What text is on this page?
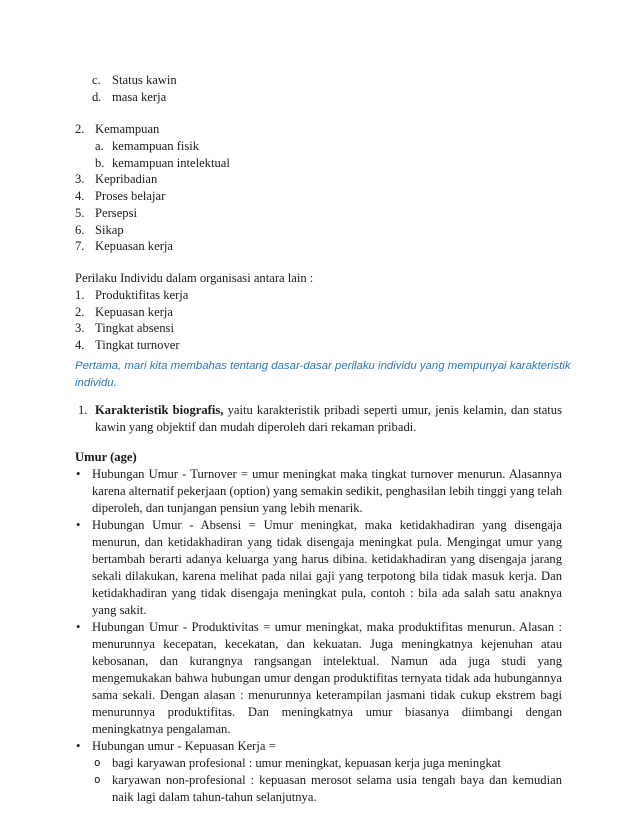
c. Status kawin
d. masa kerja
2. Kemampuan
a. kemampuan fisik
b. kemampuan intelektual
3. Kepribadian
4. Proses belajar
5. Persepsi
6. Sikap
7. Kepuasan kerja
Perilaku Individu dalam organisasi antara lain :
1. Produktifitas kerja
2. Kepuasan kerja
3. Tingkat absensi
4. Tingkat turnover
Pertama, mari kita membahas tentang dasar-dasar perilaku individu yang mempunyai karakteristik
individu.
1. Karakteristik biografis, yaitu karakteristik pribadi seperti umur, jenis kelamin, dan status
kawin yang objektif dan mudah diperoleh dari rekaman pribadi.
Umur (age)
• Hubungan Umur - Turnover = umur meningkat maka tingkat turnover menurun. Alasannya
karena alternatif pekerjaan (option) yang semakin sedikit, penghasilan lebih tinggi yang telah
diperoleh, dan tunjangan pensiun yang lebih menarik.
• Hubungan Umur - Absensi = Umur meningkat, maka ketidakhadiran yang disengaja
menurun, dan ketidakhadiran yang tidak disengaja meningkat pula. Mengingat umur yang
bertambah berarti adanya keluarga yang harus dibina. ketidakhadiran yang disengaja jarang
sekali dilakukan, karena melihat pada nilai gaji yang terpotong bila tidak masuk kerja. Dan
ketidakhadiran yang tidak disengaja meningkat pula, contoh : bila ada salah satu anaknya
yang sakit.
• Hubungan Umur - Produktivitas = umur meningkat, maka produktifitas menurun. Alasan :
menurunnya kecepatan, kecekatan, dan kekuatan. Juga meningkatnya kejenuhan atau
kebosanan, dan kurangnya rangsangan intelektual. Namun ada juga studi yang
mengemukakan bahwa hubungan umur dengan produktifitas ternyata tidak ada hubungannya
sama sekali. Dengan alasan : menurunnya keterampilan jasmani tidak cukup ekstrem bagi
menurunnya produktifitas. Dan meningkatnya umur biasanya diimbangi dengan
meningkatnya pengalaman.
• Hubungan umur - Kepuasan Kerja =
o bagi karyawan profesional : umur meningkat, kepuasan kerja juga meningkat
o karyawan non-profesional : kepuasan merosot selama usia tengah baya dan kemudian
naik lagi dalam tahun-tahun selanjutnya.
